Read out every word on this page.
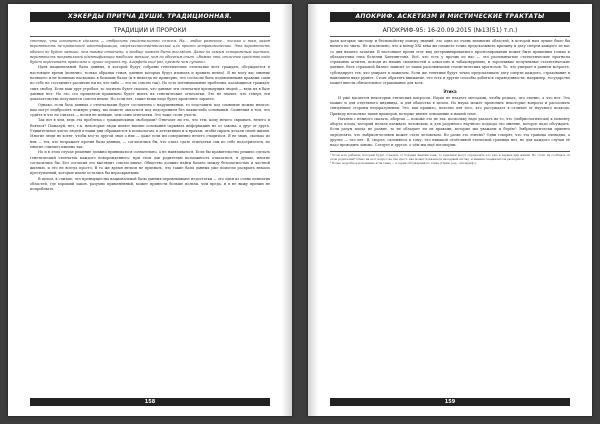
ХЭКЕРДЫ ПРИТЧА ДУШИ. ТРАДИЦИОННАЯ.
ТРАДИЦИИ И ПРОРОКИ

стеннее, что останется сделать — отбросить свидетельство со-всем. На... любое рамочное... только и там, какая вероятность не-правильной идентификации, сверхъестественнические или просто астрономические. Эта вероятность обычно не будет меньше, чем также отмечено, и вообще может быть выглядит. Даже по самым осторожным оценкам, вероятность неправильной идентификации наиболее меньше, чем по обычным опыт. «Важно что, отличное средство надо будет перечитать правильно и лучше изучить ту. Агерфеда ещё раз, прежде чем судить».

Идея национальной базы данных, в которой будут собраны генетические отпечатки всех граждан, обсуждается в настоящее время (конечно, только образцы генов, данные которых будут изымать и хранить вечно). Я не могу вас мнение возящего и не понимаю насколько в больших базах (и я никогда не примерно, что согласие быть подавленными правами сами по себе не составляет различие ни на что-либо — это не совсем так). Но есть потенциальные проблемы, касающиеся граждан-ских свобод. Если ваш друг угробил, то логично будет сказать, что данные эти отпечатки предыдущих людей — ведь их в базе данных нет. Но это сто процентов правильно будет иметь их генетические отпечатки. Это не значит, что теперь эти доказательства получаются совсем иначе. Но если нет, такие вещи надо будет прояснять заранее.

Однако, если база данных с отпечатками будет составлена с нарушениями, то подставить под сомнение можно многое: вам могут подбросить ложную улику, вы можете оказаться под подозрением без каких-либо оснований. Сомнения в том, что судить и что не считать — почти не меньше, чем сами отпечатки. Это тоже стоит учесть.

Так вот в чем, ведь эта проблема с гражданскими свободами? Отвечает ли это, что тем, кому нечего скрывать, нечего и бояться? Пожалуй, нет, т.к. некоторые люди имеют вполне основания скрывать информацию не от закона, а друг от друга. Удивительное число людей в наши дни обращаются к психологам, к детективам и к врачам, чтобы скрыть детали своей жизни. Многие люди не хотят, чтобы кто-то другой знал о них — даже если им совершенно нечего стыдиться. Я не знаю, сколько из них — тех, кто возражает против базы данных, — согласились бы, что отказ сдать отпечатки сам по себе подозрителен, но многие считают именно так.

Но и в этом случае решение должно приниматься сознательно, а не навязываться. Если бы правительство решило сделать генетический отпечаток каждого новорожденного, при этом дав родителям возможность отказаться, я думаю, многие согласились бы. Без согласия это выглядит совсем иначе. Общество должно найти баланс между безопасностью и частной жизнью, и это не всегда просто. В то же время нельзя не признать, что такие базы данных уже помогли раскрыть немало преступлений, которые иначе остались бы нераскрытыми.

В целом, я считаю, что преимущества национальной базы данных перевешивают недостатки — это один из очень немногих областей, где хороший закон, разумно применённый, может принести больше пользы, чем вреда, и я не вижу причин не попробовать.

158
АПОКРИФ. АСКЕТИЗМ И МИСТИЧЕСКИЕ ТРАКТАТЫ
АПОКРИФ-95: 16-20.09.2015 (№13(51) т.п.)

дали которые чистому и беспокойству поиску знаний: это одна из очень немногих областей, в которой нам лучше было бы ничего не знать. Не исключено, что к концу XXI века вы сможете точно предсказывать причину и дату смерти каждого из вас со дня нашего зачатия. В настоящее время этот вид детерминированного прогнозирования может быть применим только к обладателям гена болезни Хантингтона. Всё, что есть у прочих из нас — это расплывчатые статистические прогнозы страховых агентов, исходя из наших склонностей к алкоголю и табакокурению, и торопливые полученные статистические данные. Весь страховой бизнес зависит от таких расплывчатых статистических прогнозов. То, что умирает в раннем возрасте, субсидирует тех, кто умирает в пожилом. Если же генетики будут точно предсказывать дату смерти каждого, страхование в нынешнем виде рухнет. Стоит обратить внимание, что есть и другие способы добиться справедливости, например, государство может ввести обязательное страхование для всех.

Этика

И уже касаются некоторых этических вопросов. Наука не владеет методами, чтобы решать, что этично, а что нет. Это можно и для отдельного индивида, и для общества в целом. Но наука может прояснить некоторые вопросы и распознать связующие стороны недоразумения. Это, как правило, полезно для того, кто рассуждает в отличие от научного подхода. Приведу несколько таких примеров, которые имеют отношение к нашей теме.

Начнем с немного сказать, абортах — похоже это не так, поскольку надо указать на то, что (эмбриологически) к моменту аборта плода, который нельзя называть человеком, и для разумного научного подхода это мнение, которое надо обсуждать. Если разум плода не развит, то не обладает ли он правами, которые мы уважаем и берём? Эмбриологически принято определять, что эмбрион-человек может стать человеком. Но разве это этично? Одни говорят, что эта граница очевидна, а другие — что нет. Я, скорее, склоняюсь к тому, что никакой отчётливой этической границы нет, но для каждого случая её надо проводить заново. Следует и другое, о чём мы ещё поговорим.

¹ Если есть ребёнок, который будет страдать от болезни Хантингтона, то генетики могут определить это уже в первые дни жизни. Но стоит ли сообщать об этом родителям? Ответ на этот вопрос не так прост, как может показаться на первый взгляд, и мнения специалистов расходятся.

² Более подробное изложение этой темы — в серии обсуждений по этике (Прим. ред. «Апокриф»).

159
